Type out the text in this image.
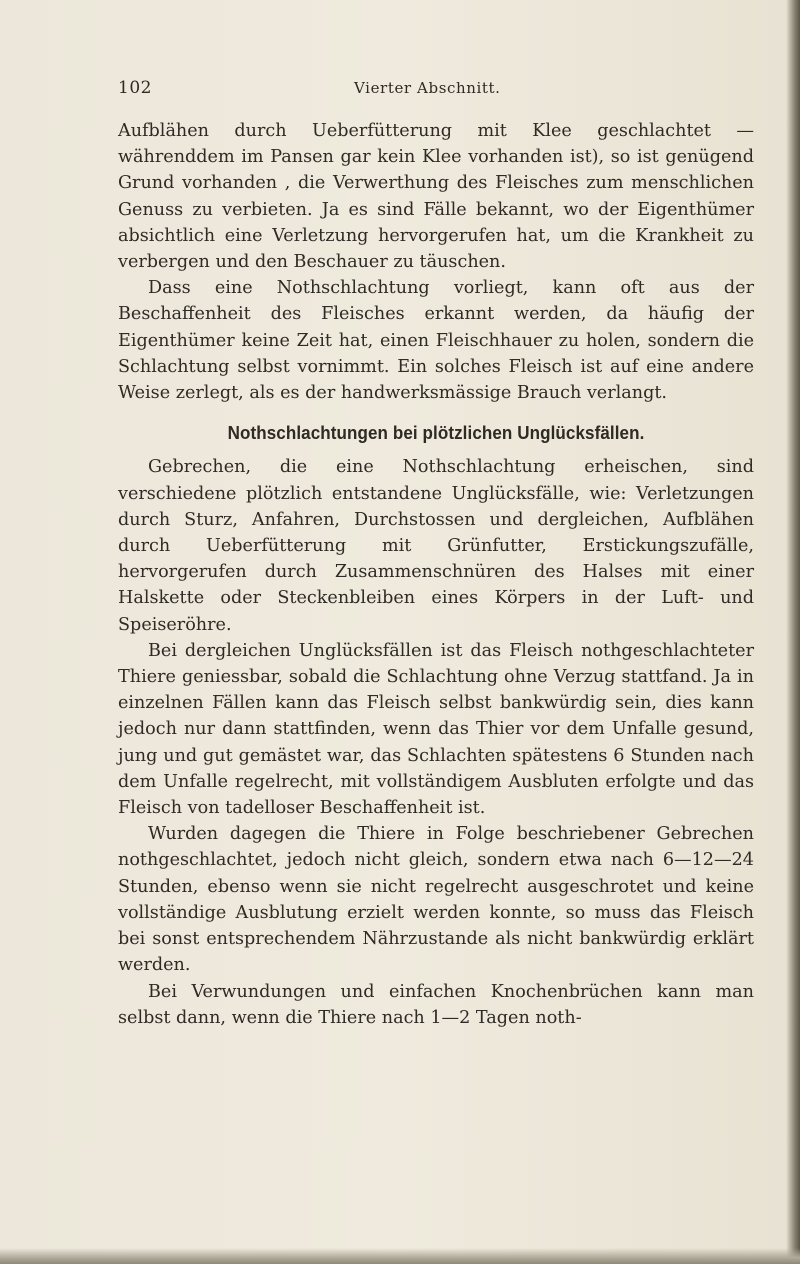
102	Vierter Abschnitt.

Aufblähen durch Ueberfütterung mit Klee geschlachtet — währenddem im Pansen gar kein Klee vorhanden ist), so ist genügend Grund vorhanden , die Verwerthung des Fleisches zum menschlichen Genuss zu verbieten. Ja es sind Fälle bekannt, wo der Eigenthümer absichtlich eine Verletzung hervorgerufen hat, um die Krankheit zu verbergen und den Beschauer zu täuschen.

Dass eine Nothschlachtung vorliegt, kann oft aus der Beschaffenheit des Fleisches erkannt werden, da häufig der Eigenthümer keine Zeit hat, einen Fleischhauer zu holen, sondern die Schlachtung selbst vornimmt. Ein solches Fleisch ist auf eine andere Weise zerlegt, als es der handwerksmässige Brauch verlangt.

Nothschlachtungen bei plötzlichen Unglücksfällen.

Gebrechen, die eine Nothschlachtung erheischen, sind verschiedene plötzlich entstandene Unglücksfälle, wie: Verletzungen durch Sturz, Anfahren, Durchstossen und dergleichen, Aufblähen durch Ueberfütterung mit Grünfutter, Erstickungszufälle, hervorgerufen durch Zusammenschnüren des Halses mit einer Halskette oder Steckenbleiben eines Körpers in der Luft- und Speiseröhre.

Bei dergleichen Unglücksfällen ist das Fleisch nothgeschlachteter Thiere geniessbar, sobald die Schlachtung ohne Verzug stattfand. Ja in einzelnen Fällen kann das Fleisch selbst bankwürdig sein, dies kann jedoch nur dann stattfinden, wenn das Thier vor dem Unfalle gesund, jung und gut gemästet war, das Schlachten spätestens 6 Stunden nach dem Unfalle regelrecht, mit vollständigem Ausbluten erfolgte und das Fleisch von tadelloser Beschaffenheit ist.

Wurden dagegen die Thiere in Folge beschriebener Gebrechen nothgeschlachtet, jedoch nicht gleich, sondern etwa nach 6—12—24 Stunden, ebenso wenn sie nicht regelrecht ausgeschrotet und keine vollständige Ausblutung erzielt werden konnte, so muss das Fleisch bei sonst entsprechendem Nährzustande als nicht bankwürdig erklärt werden.

Bei Verwundungen und einfachen Knochenbrüchen kann man selbst dann, wenn die Thiere nach 1—2 Tagen noth-
